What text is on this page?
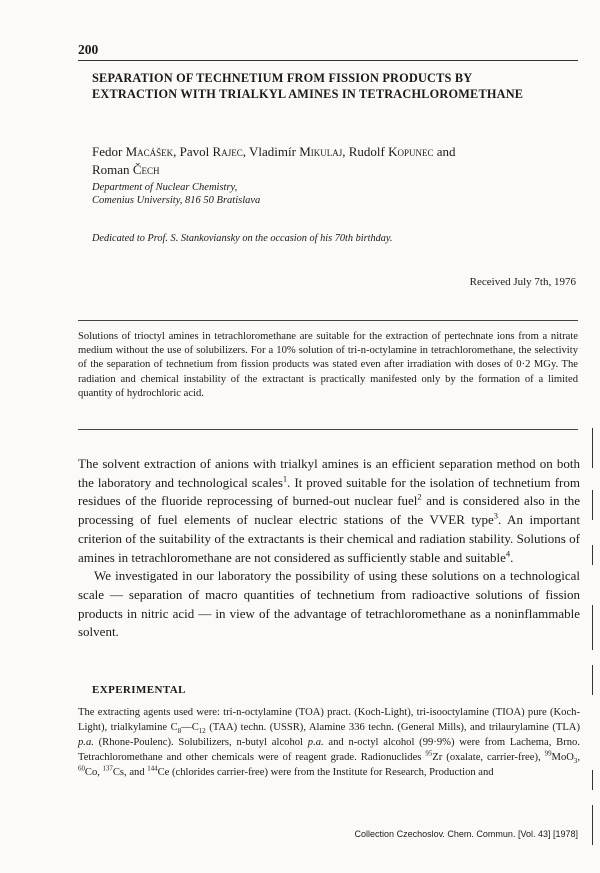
200
SEPARATION OF TECHNETIUM FROM FISSION PRODUCTS BY EXTRACTION WITH TRIALKYL AMINES IN TETRACHLOROMETHANE
Fedor Macášek, Pavol Rajec, Vladimír Mikulaj, Rudolf Kopunec and
Roman Čech
Department of Nuclear Chemistry,
Comenius University, 816 50 Bratislava
Dedicated to Prof. S. Stankoviansky on the occasion of his 70th birthday.
Received July 7th, 1976
Solutions of trioctyl amines in tetrachloromethane are suitable for the extraction of pertechnate ions from a nitrate medium without the use of solubilizers. For a 10% solution of tri-n-octylamine in tetrachloromethane, the selectivity of the separation of technetium from fission products was stated even after irradiation with doses of 0·2 MGy. The radiation and chemical instability of the extractant is practically manifested only by the formation of a limited quantity of hydrochloric acid.

The solvent extraction of anions with trialkyl amines is an efficient separation method on both the laboratory and technological scales$^1$. It proved suitable for the isolation of technetium from residues of the fluoride reprocessing of burned-out nuclear fuel$^2$ and is considered also in the processing of fuel elements of nuclear electric stations of the VVER type$^3$. An important criterion of the suitability of the extractants is their chemical and radiation stability. Solutions of amines in tetrachloromethane are not considered as sufficiently stable and suitable$^4$.

We investigated in our laboratory the possibility of using these solutions on a technological scale — separation of macro quantities of technetium from radioactive solutions of fission products in nitric acid — in view of the advantage of tetrachloromethane as a noninflammable solvent.

EXPERIMENTAL
The extracting agents used were: tri-n-octylamine (TOA) pract. (Koch-Light), tri-isooctylamine (TIOA) pure (Koch-Light), trialkylamine $C_8—C_{12}$ (TAA) techn. (USSR), Alamine 336 techn. (General Mills), and trilaurylamine (TLA) p.a. (Rhone-Poulenc). Solubilizers, n-butyl alcohol p.a. and n-octyl alcohol (99·9%) were from Lachema, Brno. Tetrachloromethane and other chemicals were of reagent grade. Radionuclides $^{95}$Zr (oxalate, carrier-free), $^{99}$MoO$_3$, $^{60}$Co, $^{137}$Cs, and $^{144}$Ce (chlorides carrier-free) were from the Institute for Research, Production and
Collection Czechoslov. Chem. Commun. [Vol. 43] [1978]
